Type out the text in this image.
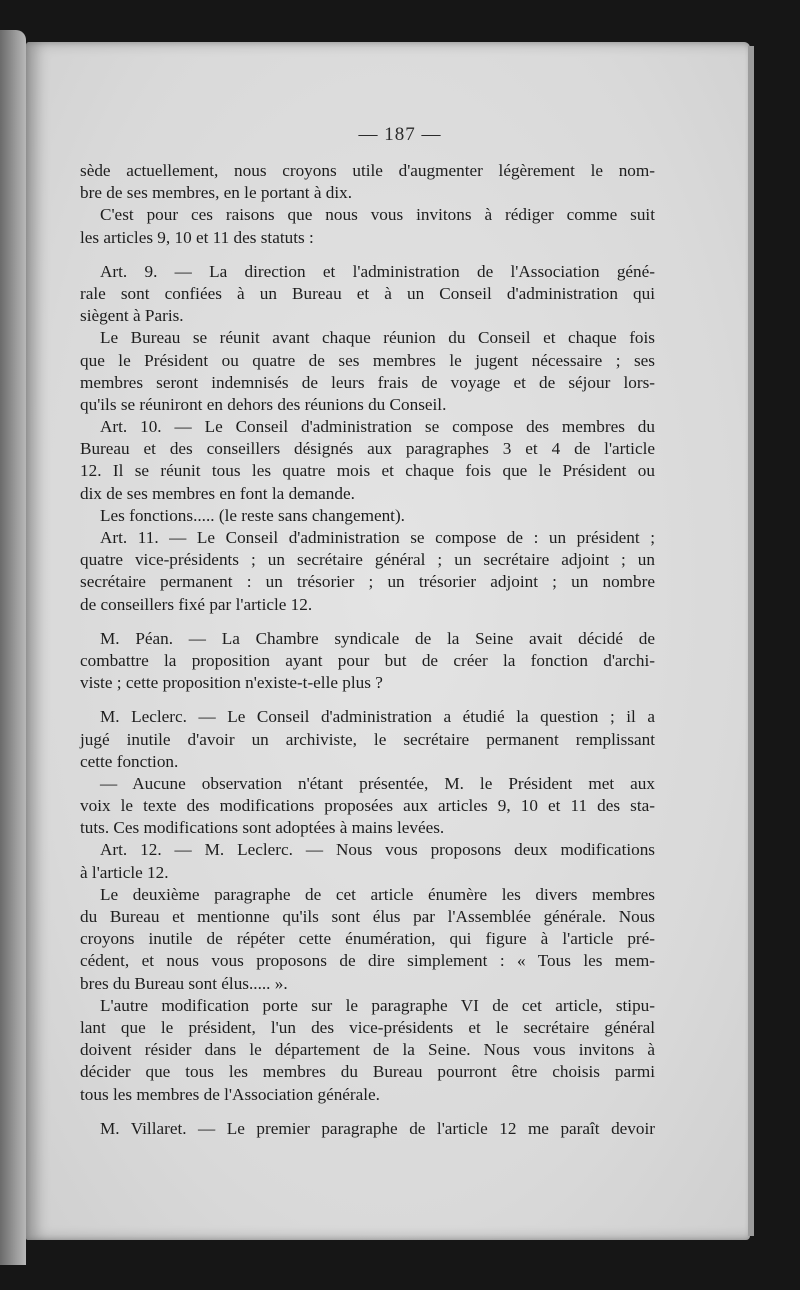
— 187 —
sède actuellement, nous croyons utile d'augmenter légèrement le nom-
bre de ses membres, en le portant à dix.
C'est pour ces raisons que nous vous invitons à rédiger comme suit
les articles 9, 10 et 11 des statuts :
Art. 9. — La direction et l'administration de l'Association géné-
rale sont confiées à un Bureau et à un Conseil d'administration qui
siègent à Paris.
Le Bureau se réunit avant chaque réunion du Conseil et chaque fois
que le Président ou quatre de ses membres le jugent nécessaire ; ses
membres seront indemnisés de leurs frais de voyage et de séjour lors-
qu'ils se réuniront en dehors des réunions du Conseil.
Art. 10. — Le Conseil d'administration se compose des membres du
Bureau et des conseillers désignés aux paragraphes 3 et 4 de l'article
12. Il se réunit tous les quatre mois et chaque fois que le Président ou
dix de ses membres en font la demande.
Les fonctions..... (le reste sans changement).
Art. 11. — Le Conseil d'administration se compose de : un président ;
quatre vice-présidents ; un secrétaire général ; un secrétaire adjoint ; un
secrétaire permanent : un trésorier ; un trésorier adjoint ; un nombre
de conseillers fixé par l'article 12.
M. Péan. — La Chambre syndicale de la Seine avait décidé de
combattre la proposition ayant pour but de créer la fonction d'archi-
viste ; cette proposition n'existe-t-elle plus ?
M. Leclerc. — Le Conseil d'administration a étudié la question ; il a
jugé inutile d'avoir un archiviste, le secrétaire permanent remplissant
cette fonction.
— Aucune observation n'étant présentée, M. le Président met aux
voix le texte des modifications proposées aux articles 9, 10 et 11 des sta-
tuts. Ces modifications sont adoptées à mains levées.
Art. 12. — M. Leclerc. — Nous vous proposons deux modifications
à l'article 12.
Le deuxième paragraphe de cet article énumère les divers membres
du Bureau et mentionne qu'ils sont élus par l'Assemblée générale. Nous
croyons inutile de répéter cette énumération, qui figure à l'article pré-
cédent, et nous vous proposons de dire simplement : « Tous les mem-
bres du Bureau sont élus..... ».
L'autre modification porte sur le paragraphe VI de cet article, stipu-
lant que le président, l'un des vice-présidents et le secrétaire général
doivent résider dans le département de la Seine. Nous vous invitons à
décider que tous les membres du Bureau pourront être choisis parmi
tous les membres de l'Association générale.
M. Villaret. — Le premier paragraphe de l'article 12 me paraît devoir
